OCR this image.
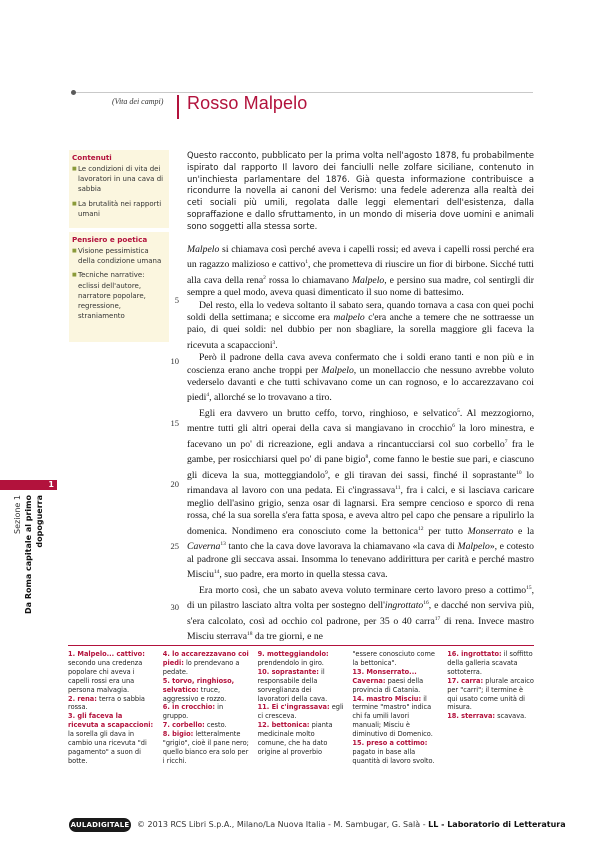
(Vita dei campi) Rosso Malpelo
Contenuti
■ Le condizioni di vita dei lavoratori in una cava di sabbia
■ La brutalità nei rapporti umani
Pensiero e poetica
■ Visione pessimistica della condizione umana
■ Tecniche narrative: eclissi dell'autore, narratore popolare, regressione, straniamento
Questo racconto, pubblicato per la prima volta nell'agosto 1878, fu probabilmente ispirato dal rapporto Il lavoro dei fanciulli nelle zolfare siciliane, contenuto in un'inchiesta parlamentare del 1876. Già questa informazione contribuisce a ricondurre la novella ai canoni del Verismo: una fedele aderenza alla realtà dei ceti sociali più umili, regolata dalle leggi elementari dell'esistenza, dalla sopraffazione e dallo sfruttamento, in un mondo di miseria dove uomini e animali sono soggetti alla stessa sorte.

Malpelo si chiamava così perché aveva i capelli rossi; ed aveva i capelli rossi perché era un ragazzo malizioso e cattivo$^1$, che prometteva di riuscire un fior di birbone. Sicché tutti alla cava della rena$^2$ rossa lo chiamavano Malpelo, e persino sua madre, col sentirgli dir sempre a quel modo, aveva quasi dimenticato il suo nome di battesimo.

Del resto, ella lo vedeva soltanto il sabato sera, quando tornava a casa con quei pochi soldi della settimana; e siccome era malpelo c'era anche a temere che ne sottraesse un paio, di quei soldi: nel dubbio per non sbagliare, la sorella maggiore gli faceva la ricevuta a scapaccioni$^3$.

Però il padrone della cava aveva confermato che i soldi erano tanti e non più e in coscienza erano anche troppi per Malpelo, un monellaccio che nessuno avrebbe voluto vederselo davanti e che tutti schivavano come un can rognoso, e lo accarezzavano coi piedi$^4$, allorché se lo trovavano a tiro.

Egli era davvero un brutto ceffo, torvo, ringhioso, e selvatico$^5$. Al mezzogiorno, mentre tutti gli altri operai della cava si mangiavano in crocchio$^6$ la loro minestra, e facevano un po' di ricreazione, egli andava a rincantucciarsi col suo corbello$^7$ fra le gambe, per rosicchiarsi quel po' di pane bigio$^8$, come fanno le bestie sue pari, e ciascuno gli diceva la sua, motteggiandolo$^9$, e gli tiravan dei sassi, finché il soprastante$^{10}$ lo rimandava al lavoro con una pedata. Ei c'ingrassava$^{11}$, fra i calci, e si lasciava caricare meglio dell'asino grigio, senza osar di lagnarsi. Era sempre cencioso e sporco di rena rossa, ché la sua sorella s'era fatta sposa, e aveva altro pel capo che pensare a ripulirlo la domenica. Nondimeno era conosciuto come la bettonica$^{12}$ per tutto Monserrato e la Caverna$^{13}$ tanto che la cava dove lavorava la chiamavano «la cava di Malpelo», e cotesto al padrone gli seccava assai. Insomma lo tenevano addirittura per carità e perché mastro Misciu$^{14}$, suo padre, era morto in quella stessa cava.

Era morto così, che un sabato aveva voluto terminare certo lavoro preso a cottimo$^{15}$, di un pilastro lasciato altra volta per sostegno dell'ingrottato$^{16}$, e dacché non serviva più, s'era calcolato, così ad occhio col padrone, per 35 o 40 carra$^{17}$ di rena. Invece mastro Misciu sterrava$^{18}$ da tre giorni, e ne

5
10
15
20
25
30
1
Sezione 1 Da Roma capitale al primo dopoguerra
1. Malpelo... cattivo: secondo una credenza popolare chi aveva i capelli rossi era una persona malvagia.
2. rena: terra o sabbia rossa.
3. gli faceva la ricevuta a scapaccioni: la sorella gli dava in cambio una ricevuta "di pagamento" a suon di botte.
4. lo accarezzavano coi piedi: lo prendevano a pedate.
5. torvo, ringhioso, selvatico: truce, aggressivo e rozzo.
6. in crocchio: in gruppo.
7. corbello: cesto.
8. bigio: letteralmente "grigio", cioè il pane nero; quello bianco era solo per i ricchi.
9. motteggiandolo: prendendolo in giro.
10. soprastante: il responsabile della sorveglianza dei lavoratori della cava.
11. Ei c'ingrassava: egli ci cresceva.
12. bettonica: pianta medicinale molto comune, che ha dato origine al proverbio "essere conosciuto come la bettonica".
13. Monserrato... Caverna: paesi della provincia di Catania.
14. mastro Misciu: il termine "mastro" indica chi fa umili lavori manuali; Misciu è diminutivo di Domenico.
15. preso a cottimo: pagato in base alla quantità di lavoro svolto.
16. ingrottato: il soffitto della galleria scavata sottoterra.
17. carra: plurale arcaico per "carri"; il termine è qui usato come unità di misura.
18. sterrava: scavava.
AULADIGITALE © 2013 RCS Libri S.p.A., Milano/La Nuova Italia - M. Sambugar, G. Salà - LL - Laboratorio di Letteratura
